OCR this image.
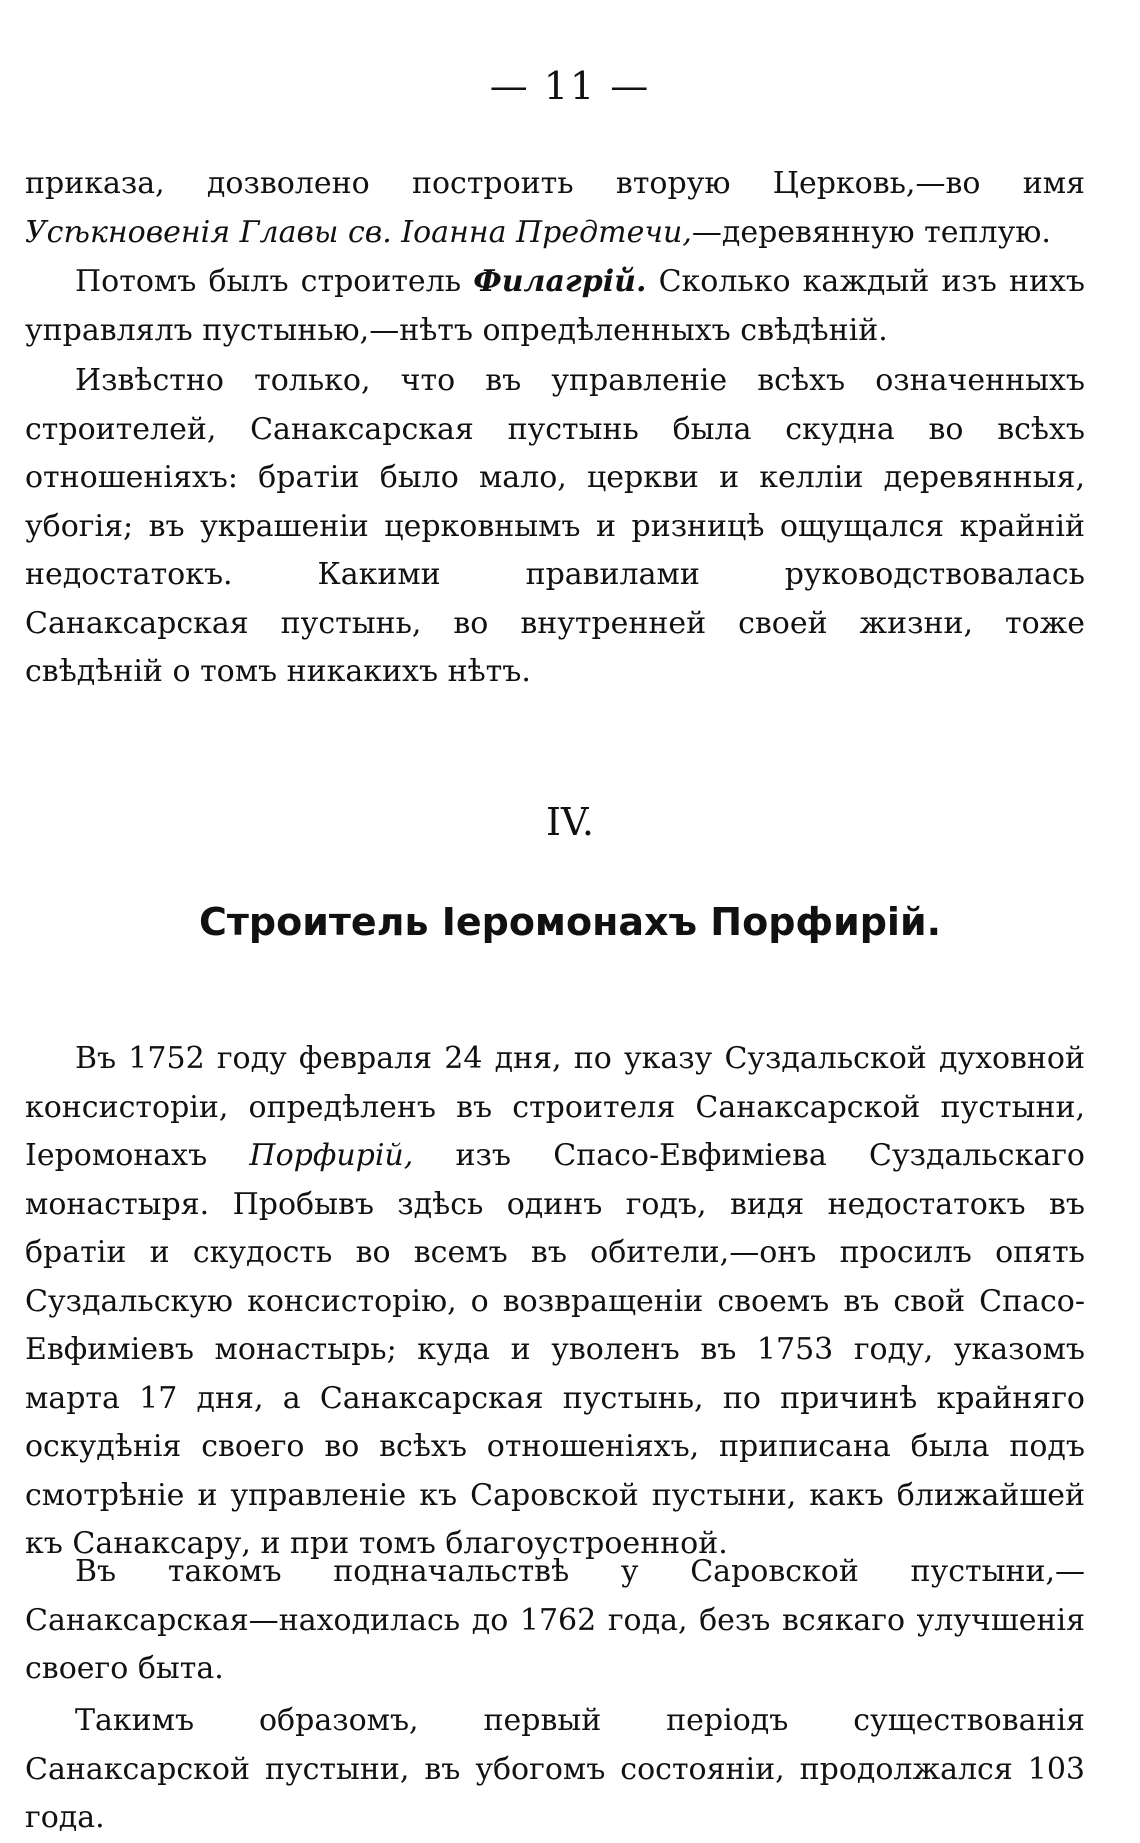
— 11 —

приказа, дозволено построить вторую Церковь,—во имя Усѣкновенія Главы св. Іоанна Предтечи,—деревянную теплую.

Потомъ былъ строитель Филагрій. Сколько каждый изъ нихъ управлялъ пустынью,—нѣтъ опредѣленныхъ свѣдѣній.

Извѣстно только, что въ управленіе всѣхъ означенныхъ строителей, Санаксарская пустынь была скудна во всѣхъ отношеніяхъ: братіи было мало, церкви и келліи деревянныя, убогія; въ украшеніи церковнымъ и ризницѣ ощущался крайній недостатокъ. Какими правилами руководствовалась Санаксарская пустынь, во внутренней своей жизни, тоже свѣдѣній о томъ никакихъ нѣтъ.

IV.
Строитель Іеромонахъ Порфирій.

Въ 1752 году февраля 24 дня, по указу Суздальской духовной консисторіи, опредѣленъ въ строителя Санаксарской пустыни, Іеромонахъ Порфирій, изъ Спасо-Евфиміева Суздальскаго монастыря. Пробывъ здѣсь одинъ годъ, видя недостатокъ въ братіи и скудость во всемъ въ обители,—онъ просилъ опять Суздальскую консисторію, о возвращеніи своемъ въ свой Спасо-Евфиміевъ монастырь; куда и уволенъ въ 1753 году, указомъ марта 17 дня, а Санаксарская пустынь, по причинѣ крайняго оскудѣнія своего во всѣхъ отношеніяхъ, приписана была подъ смотрѣніе и управленіе къ Саровской пустыни, какъ ближайшей къ Санаксару, и при томъ благоустроенной.

Въ такомъ подначальствѣ у Саровской пустыни,—Санаксарская—находилась до 1762 года, безъ всякаго улучшенія своего быта.

Такимъ образомъ, первый періодъ существованія Санаксарской пустыни, въ убогомъ состояніи, продолжался 103 года.
